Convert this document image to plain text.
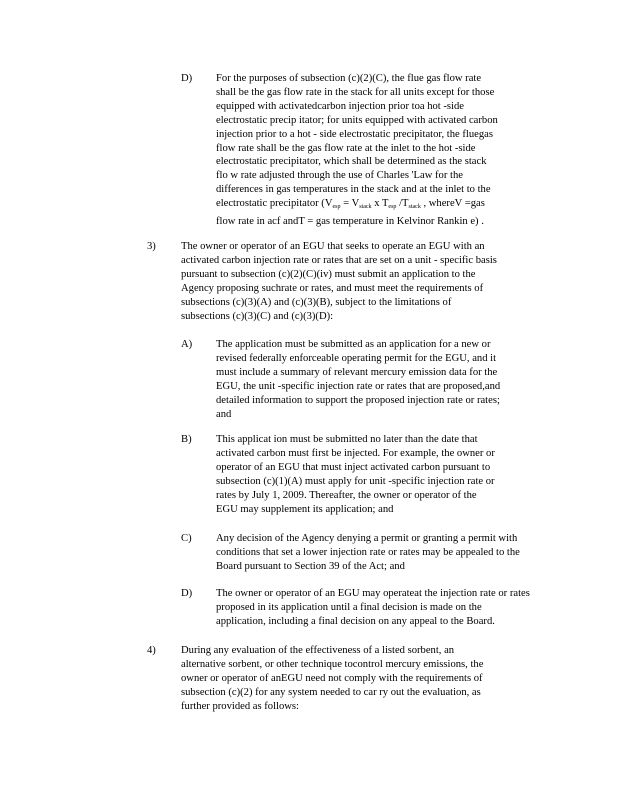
D) For the purposes of subsection (c)(2)(C), the flue gas flow rate
shall be the gas flow rate in the stack for all units except for those
equipped with activatedcarbon injection prior toa hot -side
electrostatic precip itator; for units equipped with activated carbon
injection prior to a hot - side electrostatic precipitator, the fluegas
flow rate shall be the gas flow rate at the inlet to the hot -side
electrostatic precipitator, which shall be determined as the stack
flo w rate adjusted through the use of Charles 'Law for the
differences in gas temperatures in the stack and at the inlet to the
electrostatic precipitator ($V_{esp} = V_{stack}$ x $T_{esp}$ $/T_{stack}$ , whereV =gas
flow rate in acf andT = gas temperature in Kelvinor Rankin e) .
3) The owner or operator of an EGU that seeks to operate an EGU with an
activated carbon injection rate or rates that are set on a unit - specific basis
pursuant to subsection (c)(2)(C)(iv) must submit an application to the
Agency proposing suchrate or rates, and must meet the requirements of
subsections (c)(3)(A) and (c)(3)(B), subject to the limitations of
subsections (c)(3)(C) and (c)(3)(D):
A) The application must be submitted as an application for a new or
revised federally enforceable operating permit for the EGU, and it
must include a summary of relevant mercury emission data for the
EGU, the unit -specific injection rate or rates that are proposed,and
detailed information to support the proposed injection rate or rates;
and
B) This applicat ion must be submitted no later than the date that
activated carbon must first be injected. For example, the owner or
operator of an EGU that must inject activated carbon pursuant to
subsection (c)(1)(A) must apply for unit -specific injection rate or
rates by July 1, 2009. Thereafter, the owner or operator of the
EGU may supplement its application; and
C) Any decision of the Agency denying a permit or granting a permit with
conditions that set a lower injection rate or rates may be appealed to the
Board pursuant to Section 39 of the Act; and
D) The owner or operator of an EGU may operateat the injection rate or rates
proposed in its application until a final decision is made on the
application, including a final decision on any appeal to the Board.
4) During any evaluation of the effectiveness of a listed sorbent, an
alternative sorbent, or other technique tocontrol mercury emissions, the
owner or operator of anEGU need not comply with the requirements of
subsection (c)(2) for any system needed to car ry out the evaluation, as
further provided as follows:
